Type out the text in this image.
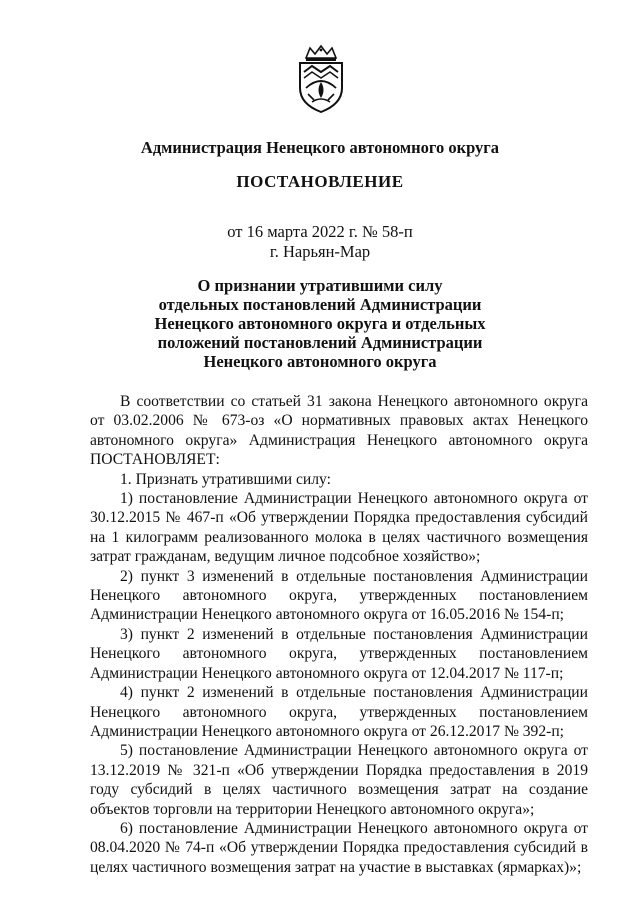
Администрация Ненецкого автономного округа
ПОСТАНОВЛЕНИЕ
от 16 марта 2022 г. № 58-п
г. Нарьян-Мар
О признании утратившими силу
отдельных постановлений Администрации
Ненецкого автономного округа и отдельных
положений постановлений Администрации
Ненецкого автономного округа

В соответствии со статьей 31 закона Ненецкого автономного округа от 03.02.2006 № 673-оз «О нормативных правовых актах Ненецкого автономного округа» Администрация Ненецкого автономного округа ПОСТАНОВЛЯЕТ:

1. Признать утратившими силу:

1) постановление Администрации Ненецкого автономного округа от 30.12.2015 № 467-п «Об утверждении Порядка предоставления субсидий на 1 килограмм реализованного молока в целях частичного возмещения затрат гражданам, ведущим личное подсобное хозяйство»;

2) пункт 3 изменений в отдельные постановления Администрации Ненецкого автономного округа, утвержденных постановлением Администрации Ненецкого автономного округа от 16.05.2016 № 154-п;

3) пункт 2 изменений в отдельные постановления Администрации Ненецкого автономного округа, утвержденных постановлением Администрации Ненецкого автономного округа от 12.04.2017 № 117-п;

4) пункт 2 изменений в отдельные постановления Администрации Ненецкого автономного округа, утвержденных постановлением Администрации Ненецкого автономного округа от 26.12.2017 № 392-п;

5) постановление Администрации Ненецкого автономного округа от 13.12.2019 № 321-п «Об утверждении Порядка предоставления в 2019 году субсидий в целях частичного возмещения затрат на создание объектов торговли на территории Ненецкого автономного округа»;

6) постановление Администрации Ненецкого автономного округа от 08.04.2020 № 74-п «Об утверждении Порядка предоставления субсидий в целях частичного возмещения затрат на участие в выставках (ярмарках)»;
